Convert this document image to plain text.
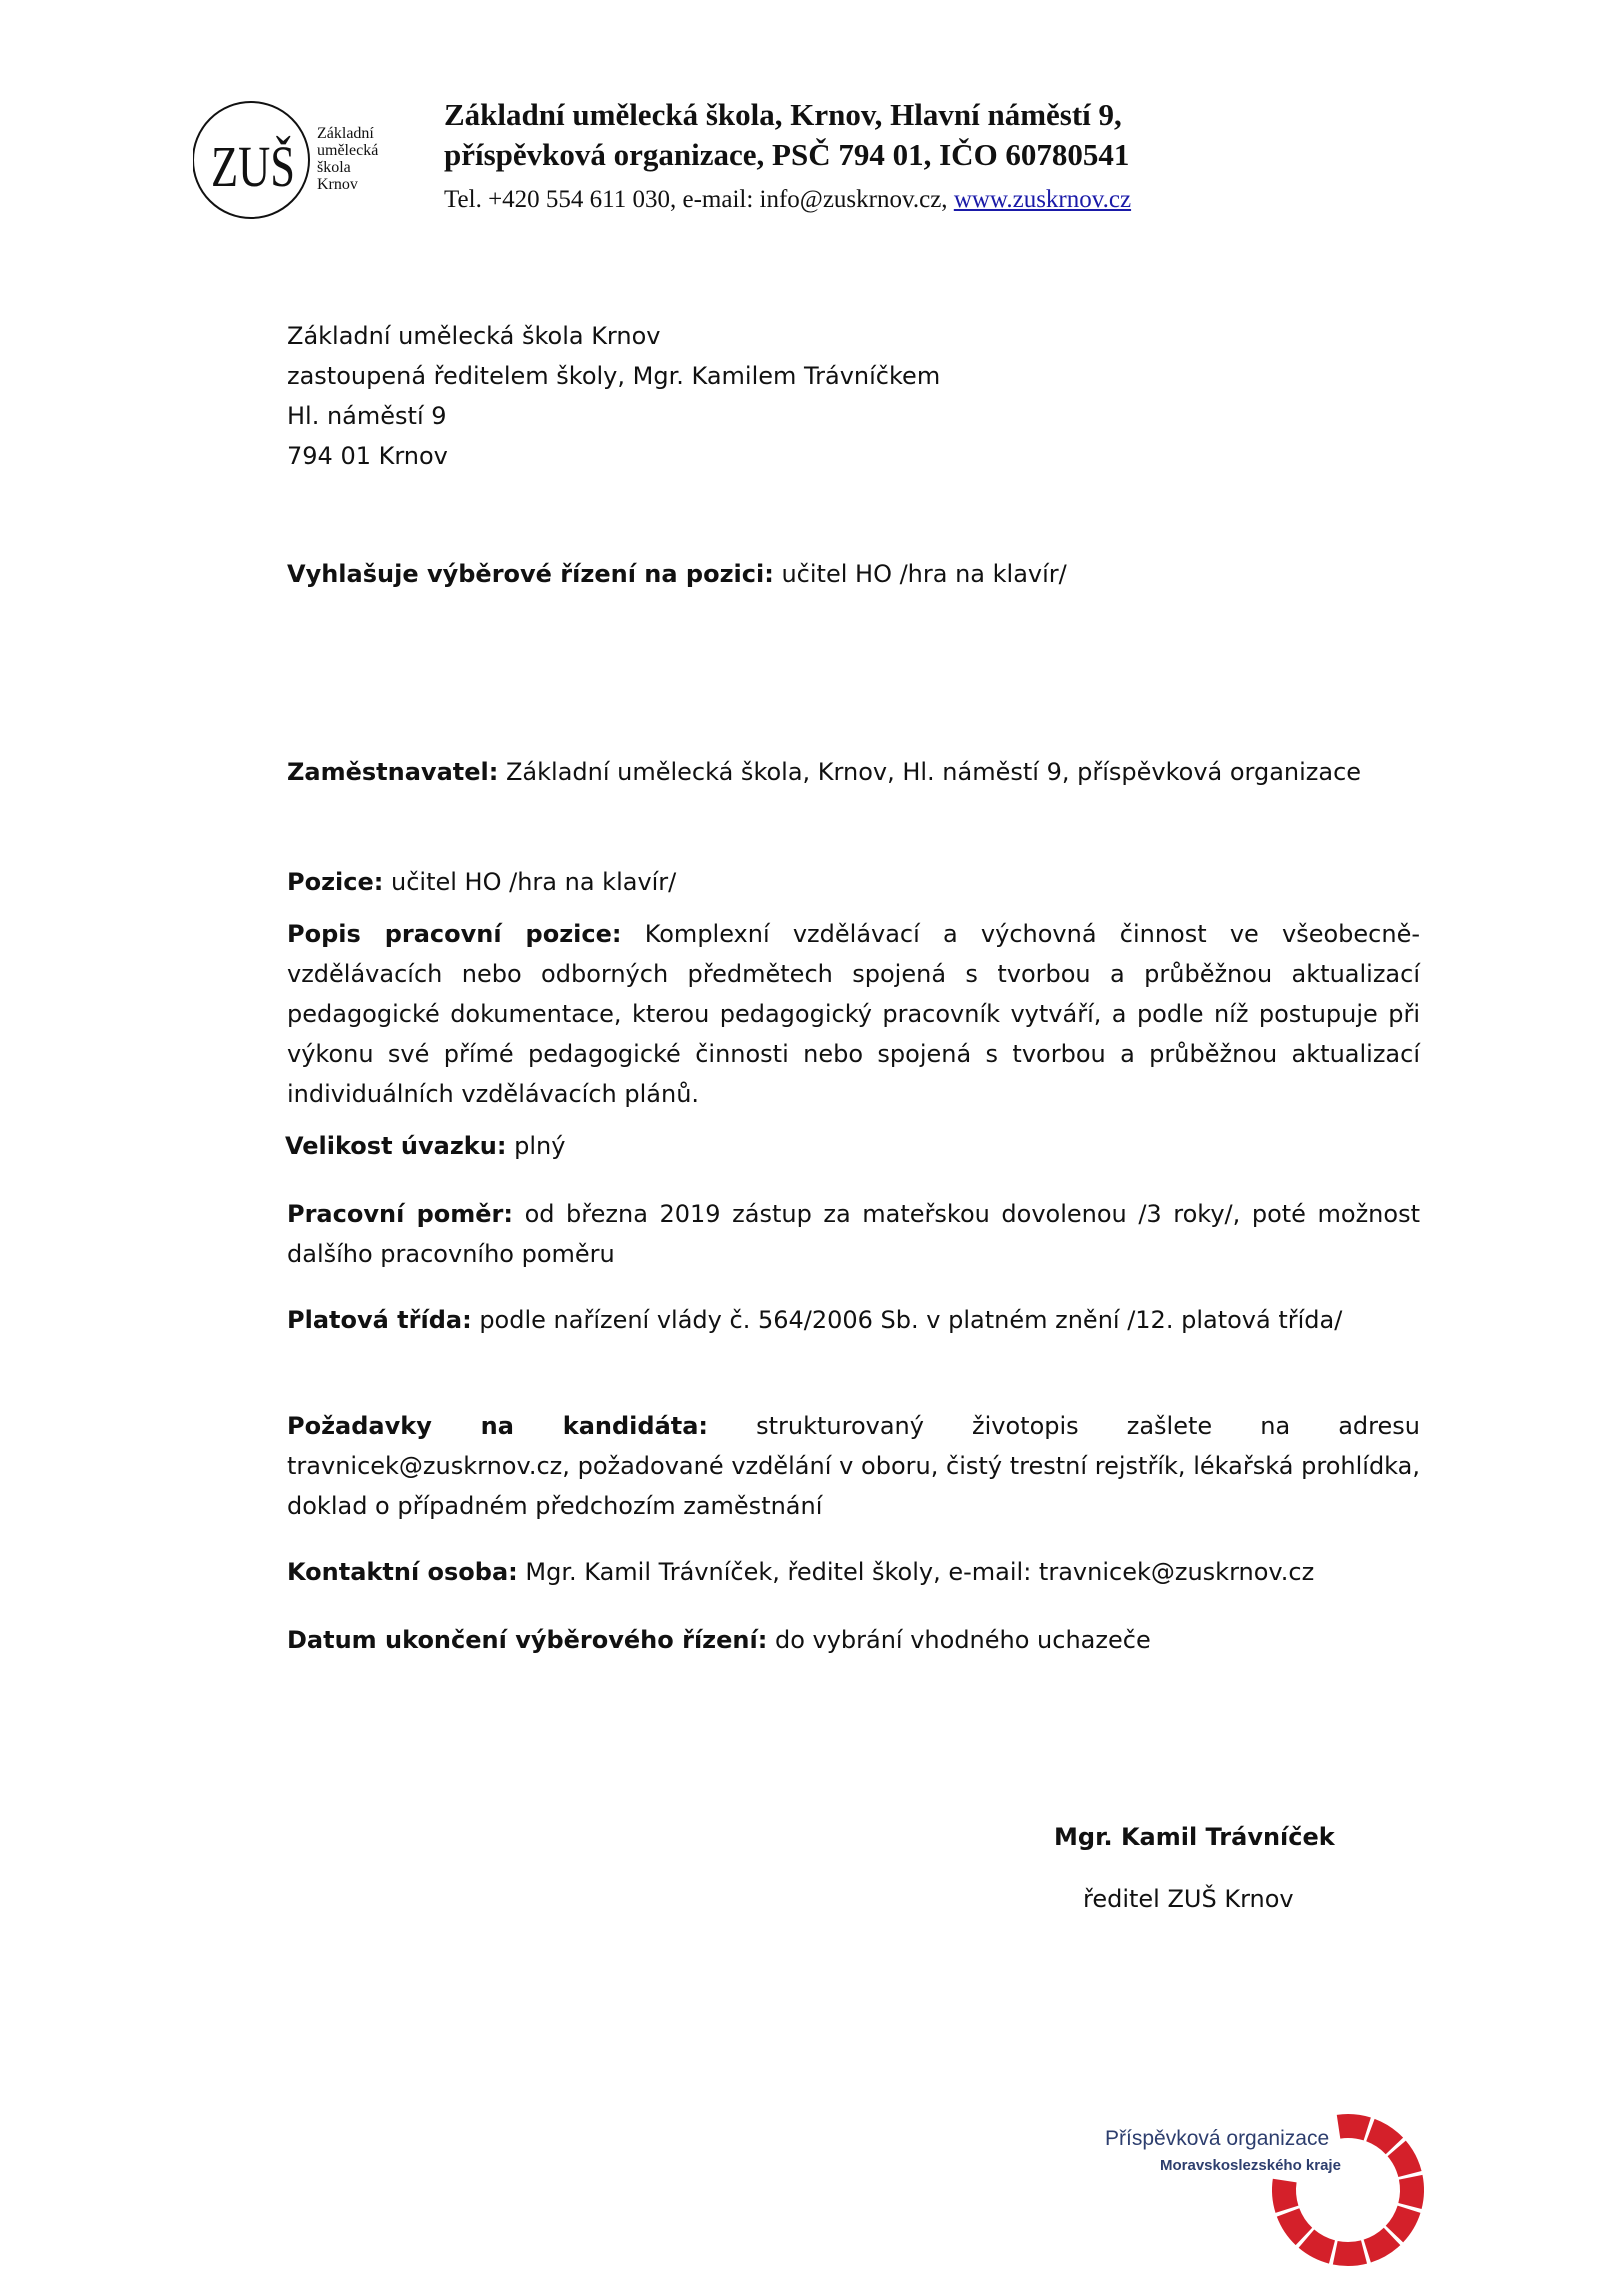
ZUŠ
Základní
umělecká
škola
Krnov
Základní umělecká škola, Krnov, Hlavní náměstí 9,
příspěvková organizace, PSČ 794 01, IČO 60780541
Tel. +420 554 611 030, e-mail: info@zuskrnov.cz, www.zuskrnov.cz
Základní umělecká škola Krnov
zastoupená ředitelem školy, Mgr. Kamilem Trávníčkem
Hl. náměstí 9
794 01 Krnov
Vyhlašuje výběrové řízení na pozici: učitel HO /hra na klavír/
Zaměstnavatel: Základní umělecká škola, Krnov, Hl. náměstí 9, příspěvková organizace
Pozice: učitel HO /hra na klavír/
Popis pracovní pozice: Komplexní vzdělávací a výchovná činnost ve všeobecně-vzdělávacích nebo odborných předmětech spojená s tvorbou a průběžnou aktualizací pedagogické dokumentace, kterou pedagogický pracovník vytváří, a podle níž postupuje při výkonu své přímé pedagogické činnosti nebo spojená s tvorbou a průběžnou aktualizací individuálních vzdělávacích plánů.
Velikost úvazku: plný
Pracovní poměr: od března 2019 zástup za mateřskou dovolenou /3 roky/, poté možnost dalšího pracovního poměru
Platová třída: podle nařízení vlády č. 564/2006 Sb. v platném znění /12. platová třída/
Požadavky na kandidáta: strukturovaný životopis zašlete na adresu travnicek@zuskrnov.cz, požadované vzdělání v oboru, čistý trestní rejstřík, lékařská prohlídka, doklad o případném předchozím zaměstnání
Kontaktní osoba: Mgr. Kamil Trávníček, ředitel školy, e-mail: travnicek@zuskrnov.cz
Datum ukončení výběrového řízení: do vybrání vhodného uchazeče
Mgr. Kamil Trávníček
ředitel ZUŠ Krnov
Příspěvková organizace
Moravskoslezského kraje
